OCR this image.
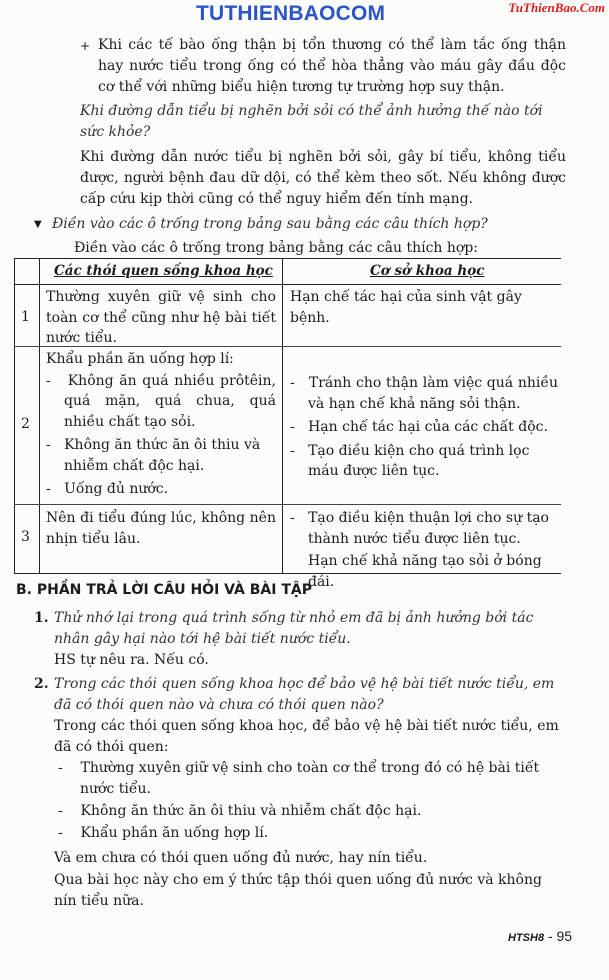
TUTHIENBAOCOM	TuThienBao.Com
+ Khi các tế bào ống thận bị tổn thương có thể làm tắc ống thận hay nước tiểu trong ống có thể hòa thẳng vào máu gây đầu độc cơ thể với những biểu hiện tương tự trường hợp suy thận.
Khi đường dẫn tiểu bị nghẽn bởi sỏi có thể ảnh hưởng thế nào tới sức khỏe?
Khi đường dẫn nước tiểu bị nghẽn bởi sỏi, gây bí tiểu, không tiểu được, người bệnh đau dữ dội, có thể kèm theo sốt. Nếu không được cấp cứu kịp thời cũng có thể nguy hiểm đến tính mạng.
▼ Điền vào các ô trống trong bảng sau bằng các câu thích hợp?
Điền vào các ô trống trong bảng bằng các câu thích hợp:
Các thói quen sống khoa học	Cơ sở khoa học
1
Thường xuyên giữ vệ sinh cho toàn cơ thể cũng như hệ bài tiết nước tiểu.
Hạn chế tác hại của sinh vật gây bệnh.
2
Khẩu phần ăn uống hợp lí:
-   Không ăn quá nhiều prôtêin, quá mặn, quá chua, quá nhiều chất tạo sỏi.
-   Không ăn thức ăn ôi thiu và nhiễm chất độc hại.
-   Uống đủ nước.
-   Tránh cho thận làm việc quá nhiều và hạn chế khả năng sỏi thận.
-   Hạn chế tác hại của các chất độc.
-   Tạo điều kiện cho quá trình lọc máu được liên tục.
3
Nên đi tiểu đúng lúc, không nên nhịn tiểu lâu.
-   Tạo điều kiện thuận lợi cho sự tạo thành nước tiểu được liên tục.
Hạn chế khả năng tạo sỏi ở bóng đái.
B. PHẦN TRẢ LỜI CÂU HỎI VÀ BÀI TẬP
1. Thử nhớ lại trong quá trình sống từ nhỏ em đã bị ảnh hưởng bởi tác nhân gây hại nào tới hệ bài tiết nước tiểu.
HS tự nêu ra. Nếu có.
2. Trong các thói quen sống khoa học để bảo vệ hệ bài tiết nước tiểu, em đã có thói quen nào và chưa có thói quen nào?
Trong các thói quen sống khoa học, để bảo vệ hệ bài tiết nước tiểu, em đã có thói quen:
-    Thường xuyên giữ vệ sinh cho toàn cơ thể trong đó có hệ bài tiết nước tiểu.
-    Không ăn thức ăn ôi thiu và nhiễm chất độc hại.
-    Khẩu phần ăn uống hợp lí.
Và em chưa có thói quen uống đủ nước, hay nín tiểu.
Qua bài học này cho em ý thức tập thói quen uống đủ nước và không nín tiểu nữa.
HTSH8 - 95
